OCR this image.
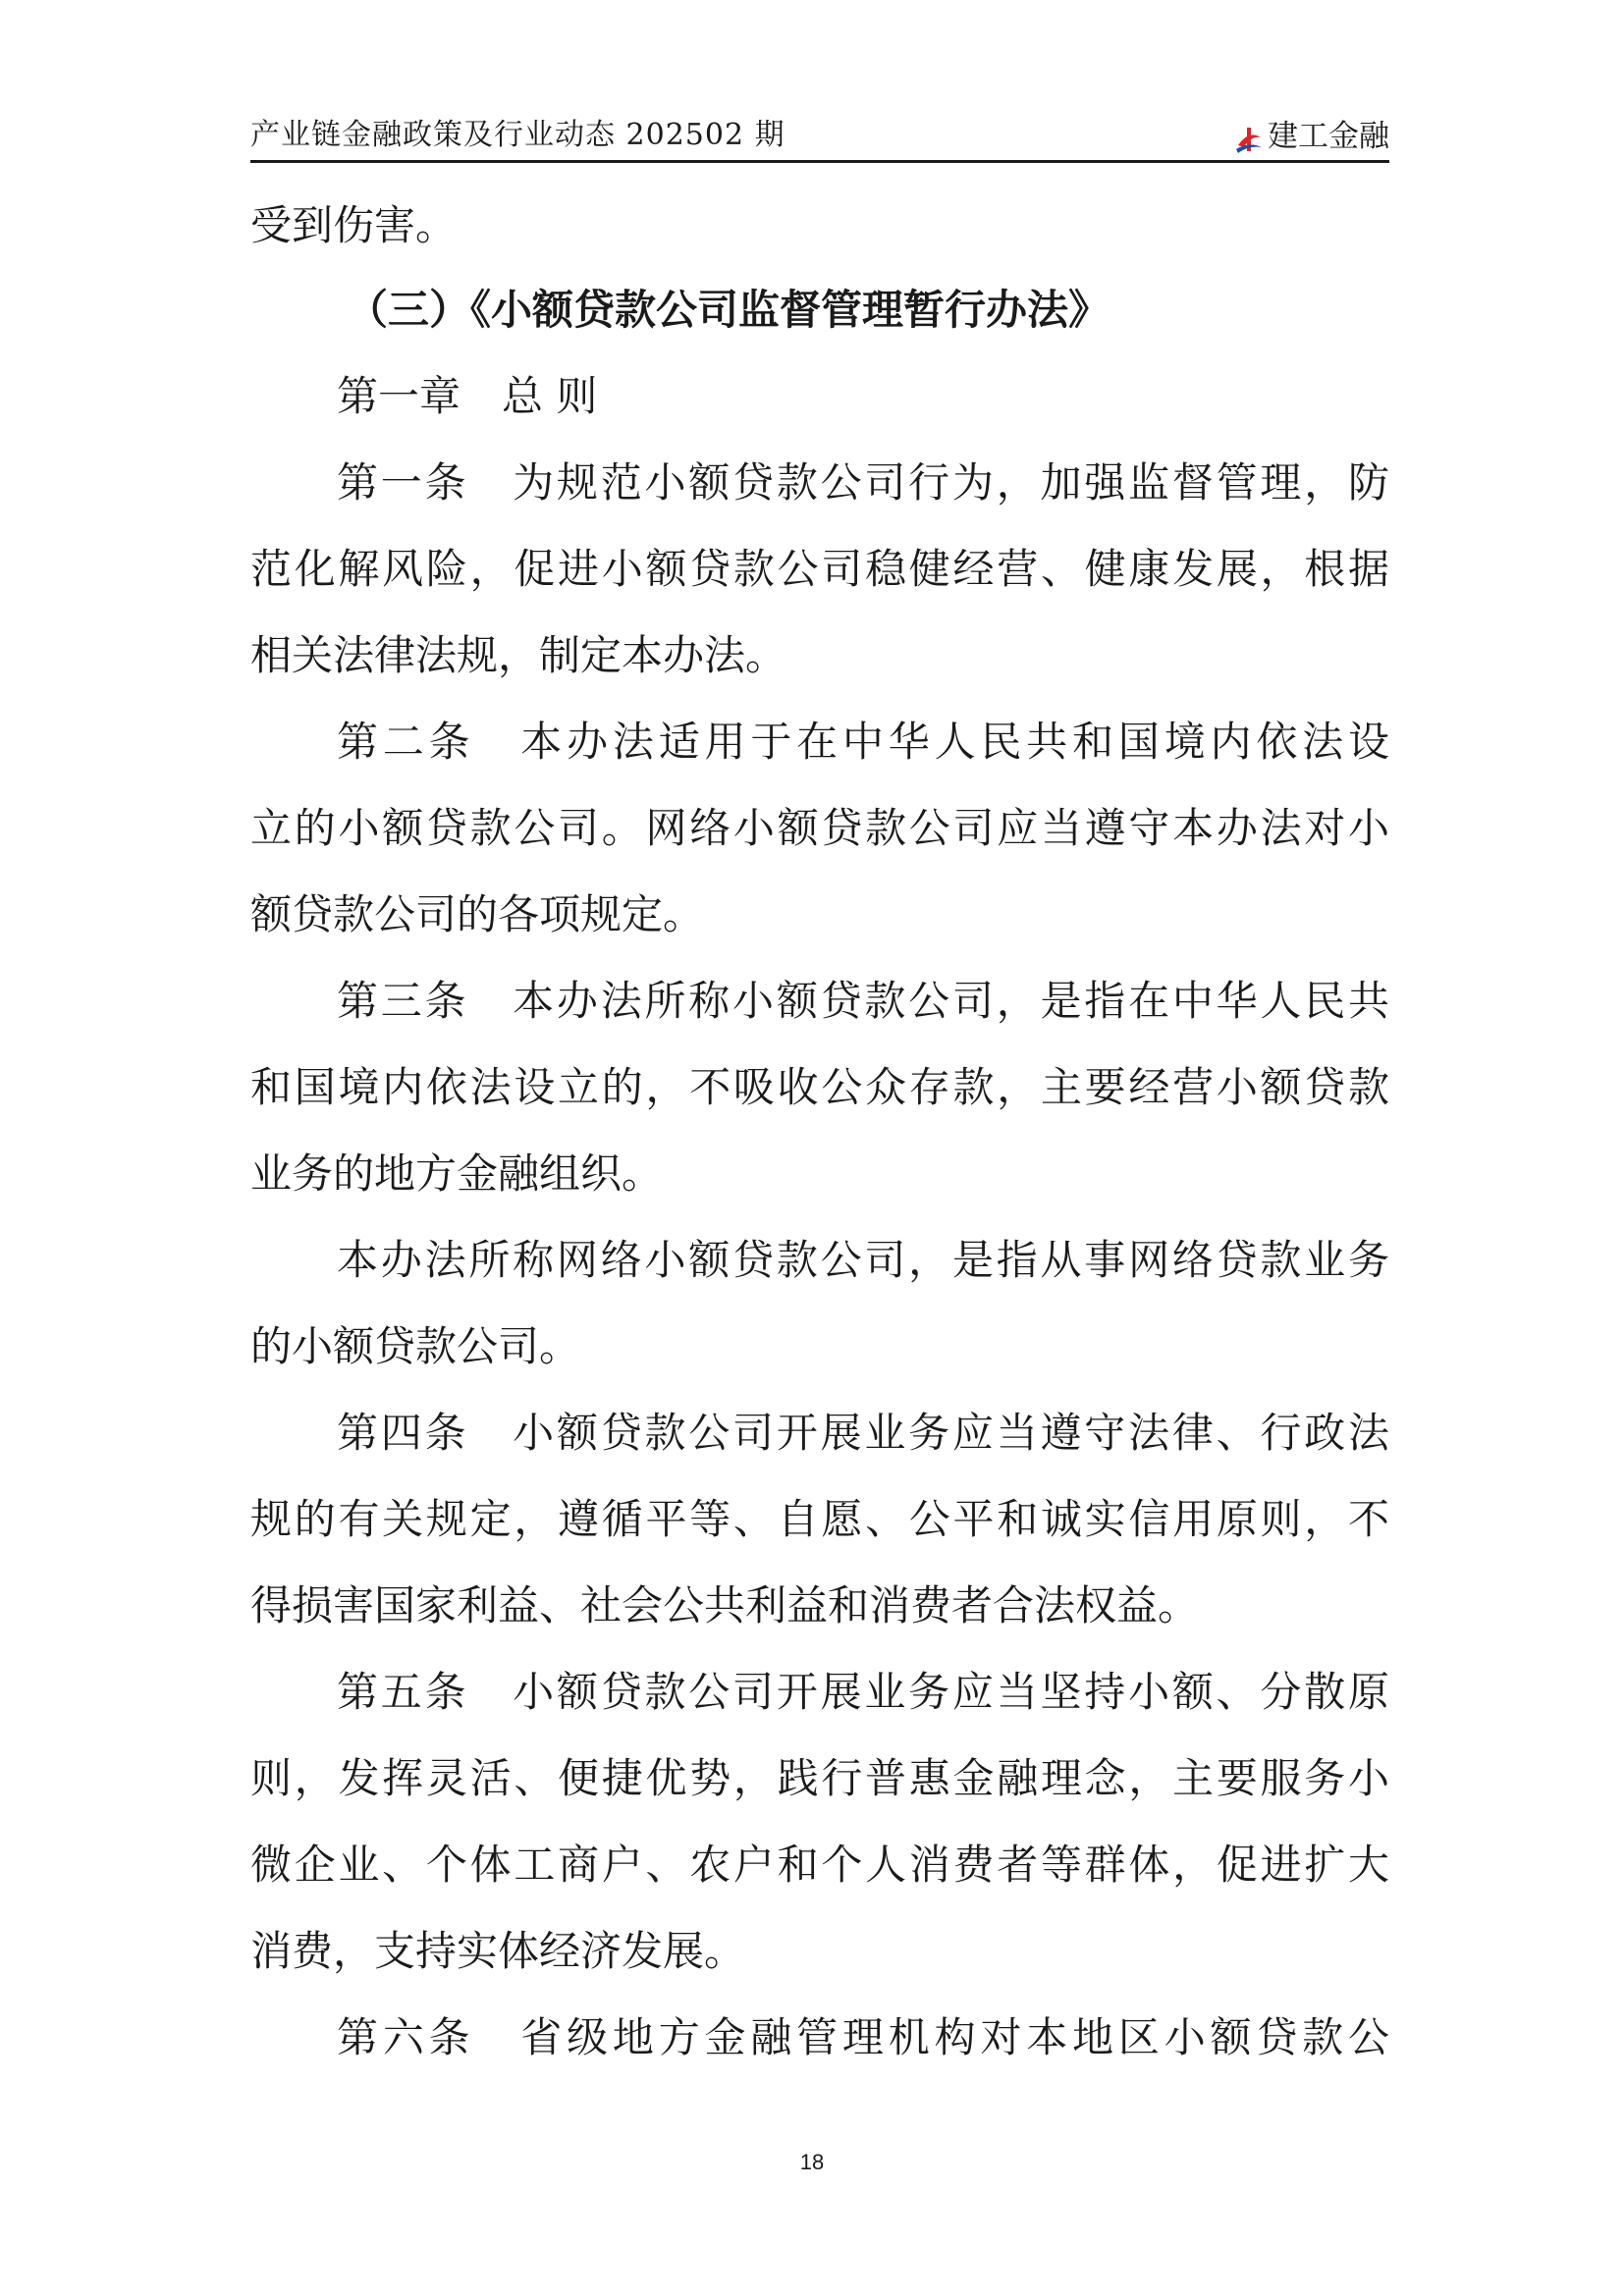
产业链金融政策及行业动态 202502 期	建工金融
受到伤害。
（三）《小额贷款公司监督管理暂行办法》
第一章　总 则
第一条　为规范小额贷款公司行为，加强监督管理，防
范化解风险，促进小额贷款公司稳健经营、健康发展，根据
相关法律法规，制定本办法。
第二条　本办法适用于在中华人民共和国境内依法设
立的小额贷款公司。网络小额贷款公司应当遵守本办法对小
额贷款公司的各项规定。
第三条　本办法所称小额贷款公司，是指在中华人民共
和国境内依法设立的，不吸收公众存款，主要经营小额贷款
业务的地方金融组织。
本办法所称网络小额贷款公司，是指从事网络贷款业务
的小额贷款公司。
第四条　小额贷款公司开展业务应当遵守法律、行政法
规的有关规定，遵循平等、自愿、公平和诚实信用原则，不
得损害国家利益、社会公共利益和消费者合法权益。
第五条　小额贷款公司开展业务应当坚持小额、分散原
则，发挥灵活、便捷优势，践行普惠金融理念，主要服务小
微企业、个体工商户、农户和个人消费者等群体，促进扩大
消费，支持实体经济发展。
第六条　省级地方金融管理机构对本地区小额贷款公
18
